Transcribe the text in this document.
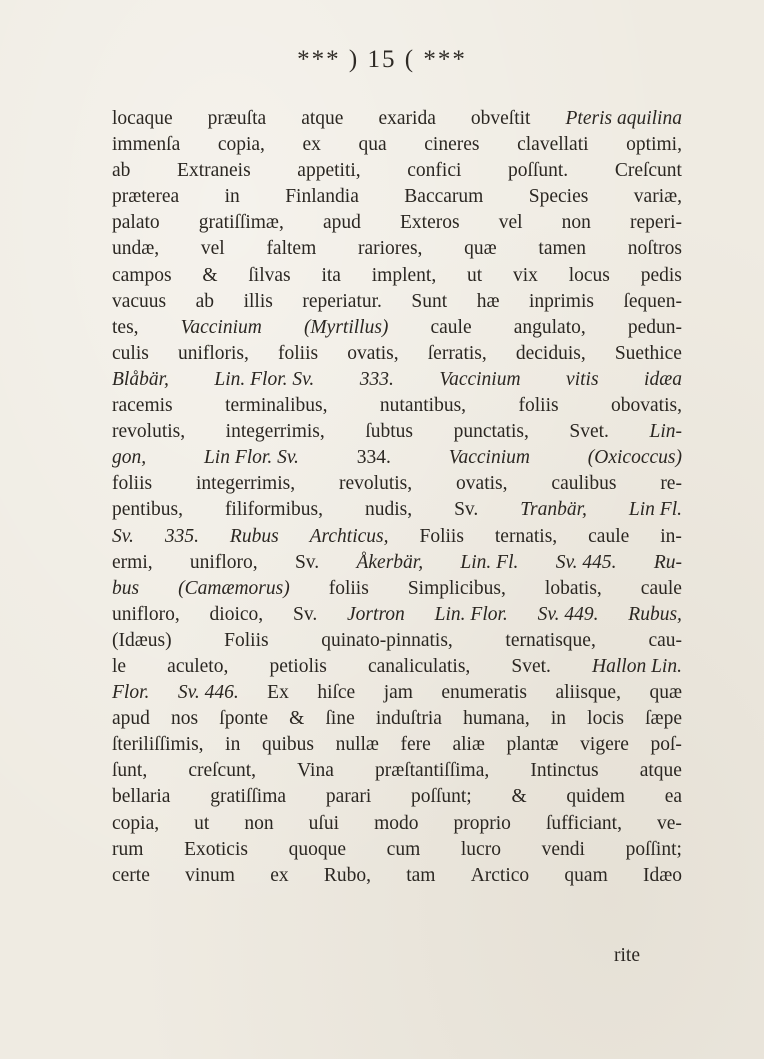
*** ) 15 ( ***
locaque præuſta atque exarida obveſtit Pteris aquilina
immenſa copia, ex qua cineres clavellati optimi,
ab Extraneis appetiti, confici poſſunt. Creſcunt
præterea in Finlandia Baccarum Species variæ,
palato gratiſſimæ, apud Exteros vel non reperi-
undæ, vel faltem rariores, quæ tamen noſtros
campos & ſilvas ita implent, ut vix locus pedis
vacuus ab illis reperiatur. Sunt hæ inprimis ſequen-
tes, Vaccinium (Myrtillus) caule angulato, pedun-
culis unifloris, foliis ovatis, ſerratis, deciduis, Suethice
Blåbär, Lin. Flor. Sv. 333. Vaccinium vitis idæa
racemis	terminalibus,	nutantibus,	foliis	obovatis,
revolutis, integerrimis, ſubtus punctatis, Svet. Lin-
gon,	Lin Flor. Sv.	334.	Vaccinium	(Oxicoccus)
foliis integerrimis, revolutis, ovatis, caulibus re-
pentibus, filiformibus, nudis, Sv. Tranbär, Lin Fl.
Sv. 335. Rubus Archticus, Foliis ternatis, caule in-
ermi, unifloro, Sv. Åkerbär, Lin. Fl. Sv. 445. Ru-
bus (Camæmorus) foliis Simplicibus, lobatis, caule
unifloro, dioico, Sv. Jortron Lin. Flor. Sv. 449. Rubus,
(Idæus)	Foliis	quinato-pinnatis,	ternatisque,	cau-
le aculeto, petiolis canaliculatis, Svet. Hallon Lin.
Flor. Sv. 446. Ex hiſce jam enumeratis aliisque, quæ
apud nos ſponte & ſine induſtria humana, in locis ſæpe
ſteriliſſimis, in quibus nullæ fere aliæ plantæ vigere poſ-
ſunt, creſcunt, Vina præſtantiſſima, Intinctus atque
bellaria gratiſſima parari poſſunt; & quidem ea
copia, ut non uſui modo proprio ſufficiant, ve-
rum Exoticis quoque cum lucro vendi poſſint;
certe vinum ex Rubo, tam Arctico quam Idæo
rite
